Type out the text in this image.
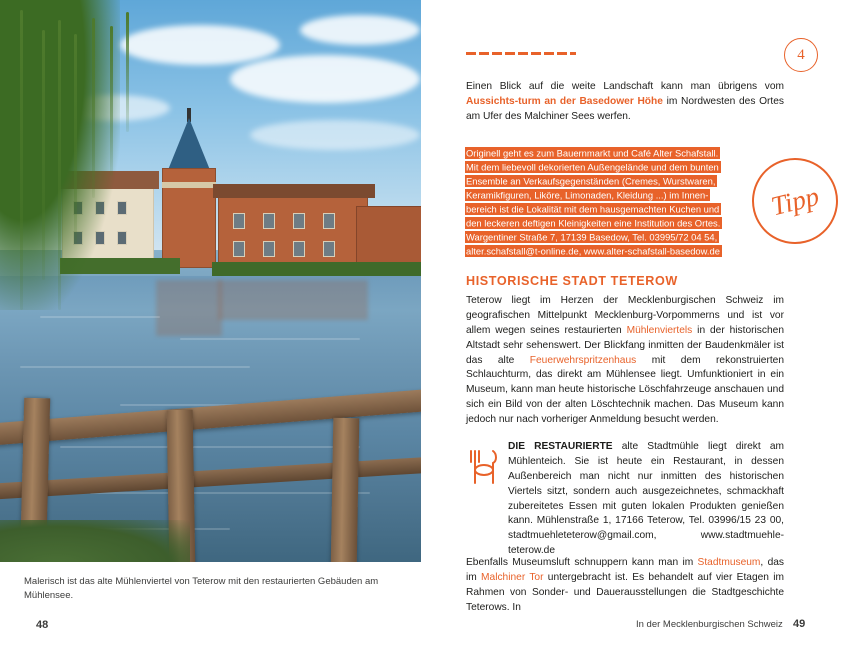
Malerisch ist das alte Mühlenviertel von Teterow mit den restaurierten Gebäuden am Mühlensee.
48
4
Einen Blick auf die weite Landschaft kann man übrigens vom Aussichts-turm an der Basedower Höhe im Nordwesten des Ortes am Ufer des Malchiner Sees werfen.
Originell geht es zum Bauernmarkt und Café Alter Schafstall.
Mit dem liebevoll dekorierten Außengelände und dem bunten
Ensemble an Verkaufsgegenständen (Cremes, Wurstwaren,
Keramikfiguren, Liköre, Limonaden, Kleidung ...) im Innen-
bereich ist die Lokalität mit dem hausgemachten Kuchen und
den leckeren deftigen Kleinigkeiten eine Institution des Ortes.
Wargentiner Straße 7, 17139 Basedow, Tel. 03995/72 04 54,
alter.schafstall@t-online.de, www.alter-schafstall-basedow.de
Tipp
HISTORISCHE STADT TETEROW
Teterow liegt im Herzen der Mecklenburgischen Schweiz im geografischen Mittelpunkt Mecklenburg-Vorpommerns und ist vor allem wegen seines restaurierten Mühlenviertels in der historischen Altstadt sehr sehenswert. Der Blickfang inmitten der Baudenkmäler ist das alte Feuerwehrspritzenhaus mit dem rekonstruierten Schlauchturm, das direkt am Mühlensee liegt. Umfunktioniert in ein Museum, kann man heute historische Löschfahrzeuge anschauen und sich ein Bild von der alten Löschtechnik machen. Das Museum kann jedoch nur nach vorheriger Anmeldung besucht werden.
DIE RESTAURIERTE alte Stadtmühle liegt direkt am Mühlenteich. Sie ist heute ein Restaurant, in dessen Außenbereich man nicht nur inmitten des historischen Viertels sitzt, sondern auch ausgezeichnetes, schmackhaft zubereitetes Essen mit guten lokalen Produkten genießen kann. Mühlenstraße 1, 17166 Teterow, Tel. 03996/15 23 00, stadtmuehleteterow@gmail.com, www.stadtmuehle-teterow.de
Ebenfalls Museumsluft schnuppern kann man im Stadtmuseum, das im Malchiner Tor untergebracht ist. Es behandelt auf vier Etagen im Rahmen von Sonder- und Dauerausstellungen die Stadtgeschichte Teterows. In
In der Mecklenburgischen Schweiz 49
